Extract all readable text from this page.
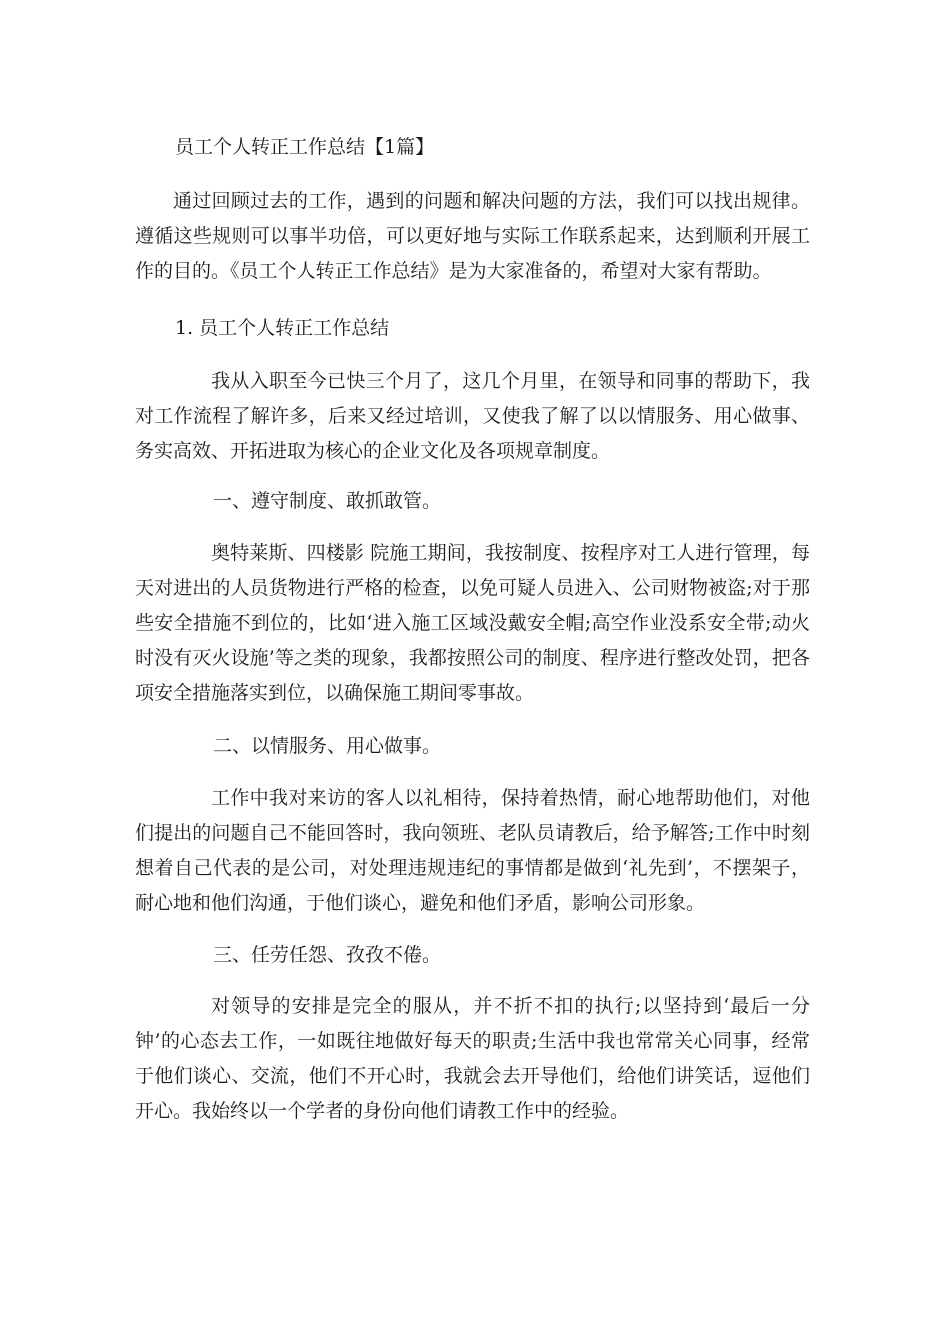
员工个人转正工作总结【1篇】

通过回顾过去的工作，遇到的问题和解决问题的方法，我们可以找出规律。遵循这些规则可以事半功倍，可以更好地与实际工作联系起来，达到顺利开展工作的目的。《员工个人转正工作总结》是为大家准备的，希望对大家有帮助。

1. 员工个人转正工作总结

我从入职至今已快三个月了，这几个月里，在领导和同事的帮助下，我对工作流程了解许多，后来又经过培训，又使我了解了以以情服务、用心做事、务实高效、开拓进取为核心的企业文化及各项规章制度。

一、遵守制度、敢抓敢管。

奥特莱斯、四楼影 院施工期间，我按制度、按程序对工人进行管理，每天对进出的人员货物进行严格的检查，以免可疑人员进入、公司财物被盗;对于那些安全措施不到位的，比如‘进入施工区域没戴安全帽;高空作业没系安全带;动火时没有灭火设施’等之类的现象，我都按照公司的制度、程序进行整改处罚，把各项安全措施落实到位，以确保施工期间零事故。

二、以情服务、用心做事。

工作中我对来访的客人以礼相待，保持着热情，耐心地帮助他们，对他们提出的问题自己不能回答时，我向领班、老队员请教后，给予解答;工作中时刻想着自己代表的是公司，对处理违规违纪的事情都是做到‘礼先到’，不摆架子，耐心地和他们沟通，于他们谈心，避免和他们矛盾，影响公司形象。

三、任劳任怨、孜孜不倦。

对领导的安排是完全的服从，并不折不扣的执行;以坚持到‘最后一分钟’的心态去工作，一如既往地做好每天的职责;生活中我也常常关心同事，经常于他们谈心、交流，他们不开心时，我就会去开导他们，给他们讲笑话，逗他们开心。我始终以一个学者的身份向他们请教工作中的经验。
